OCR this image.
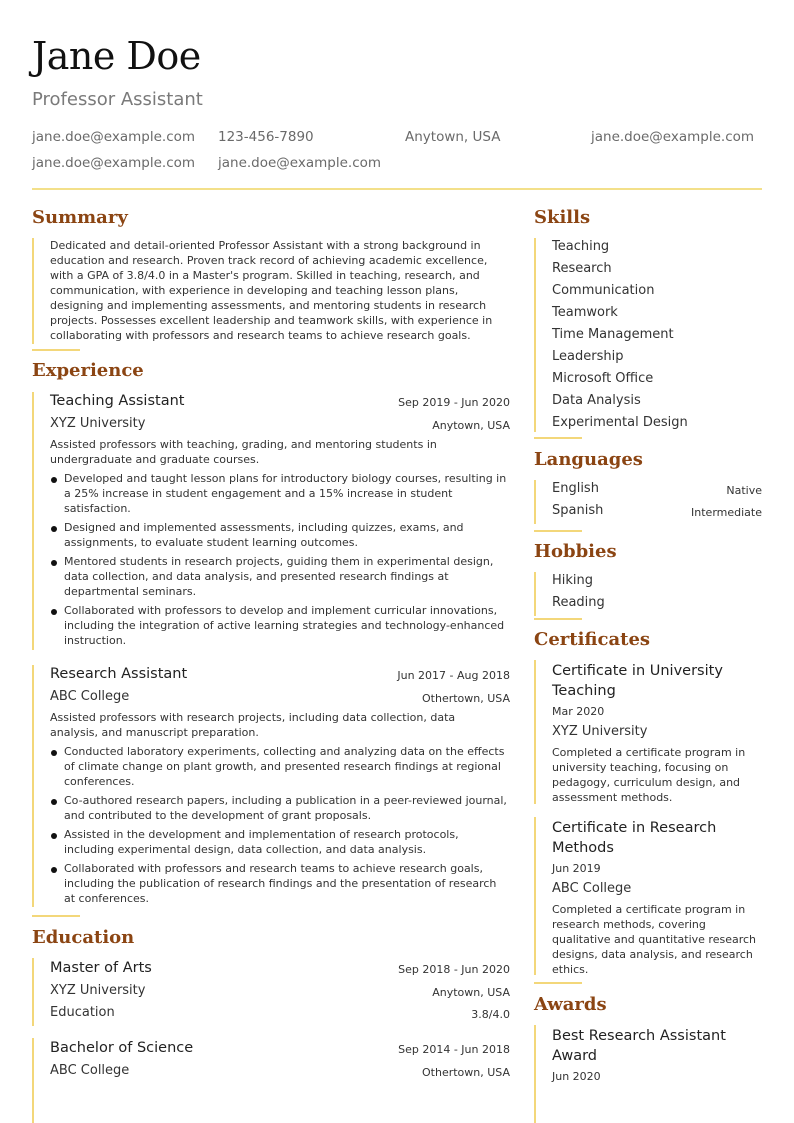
Jane Doe
Professor Assistant
jane.doe@example.com 123-456-7890	Anytown, USA	jane.doe@example.com
jane.doe@example.com jane.doe@example.com
Summary
Dedicated and detail-oriented Professor Assistant with a strong background in education and research. Proven track record of achieving academic excellence, with a GPA of 3.8/4.0 in a Master's program. Skilled in teaching, research, and communication, with experience in developing and teaching lesson plans, designing and implementing assessments, and mentoring students in research projects. Possesses excellent leadership and teamwork skills, with experience in collaborating with professors and research teams to achieve research goals.
Experience
Teaching Assistant	Sep 2019 - Jun 2020
XYZ University	Anytown, USA
Assisted professors with teaching, grading, and mentoring students in undergraduate and graduate courses.
Developed and taught lesson plans for introductory biology courses, resulting in a 25% increase in student engagement and a 15% increase in student satisfaction.
Designed and implemented assessments, including quizzes, exams, and assignments, to evaluate student learning outcomes.
Mentored students in research projects, guiding them in experimental design, data collection, and data analysis, and presented research findings at departmental seminars.
Collaborated with professors to develop and implement curricular innovations, including the integration of active learning strategies and technology-enhanced instruction.
Research Assistant	Jun 2017 - Aug 2018
ABC College	Othertown, USA
Assisted professors with research projects, including data collection, data analysis, and manuscript preparation.
Conducted laboratory experiments, collecting and analyzing data on the effects of climate change on plant growth, and presented research findings at regional conferences.
Co-authored research papers, including a publication in a peer-reviewed journal, and contributed to the development of grant proposals.
Assisted in the development and implementation of research protocols, including experimental design, data collection, and data analysis.
Collaborated with professors and research teams to achieve research goals, including the publication of research findings and the presentation of research at conferences.
Education
Master of Arts	Sep 2018 - Jun 2020
XYZ University	Anytown, USA
Education	3.8/4.0
Bachelor of Science	Sep 2014 - Jun 2018
ABC College	Othertown, USA
Skills
Teaching
Research
Communication
Teamwork
Time Management
Leadership
Microsoft Office
Data Analysis
Experimental Design
Languages
English	Native
Spanish	Intermediate
Hobbies
Hiking
Reading
Certificates
Certificate in University Teaching
Mar 2020
XYZ University
Completed a certificate program in university teaching, focusing on pedagogy, curriculum design, and assessment methods.
Certificate in Research Methods
Jun 2019
ABC College
Completed a certificate program in research methods, covering qualitative and quantitative research designs, data analysis, and research ethics.
Awards
Best Research Assistant Award
Jun 2020
